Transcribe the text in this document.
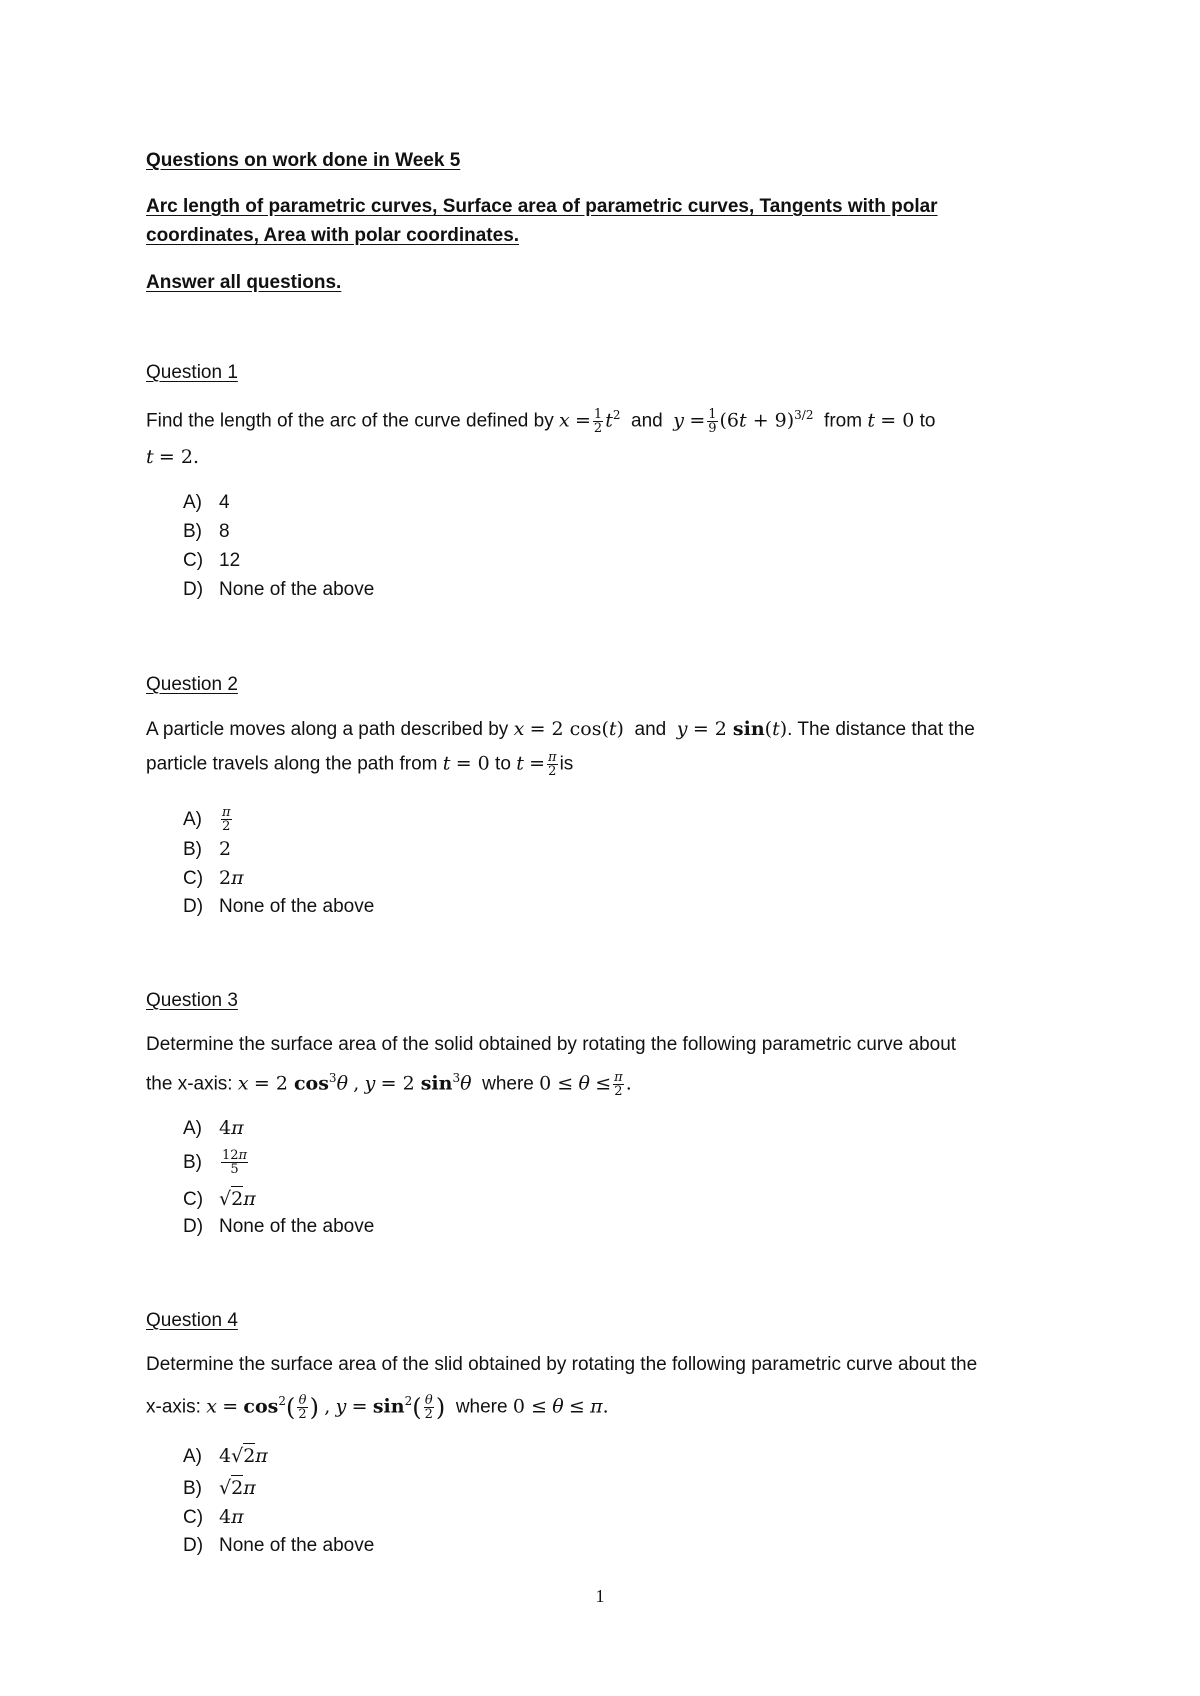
Questions on work done in Week 5
Arc length of parametric curves, Surface area of parametric curves, Tangents with polar
coordinates, Area with polar coordinates.
Answer all questions.
Question 1
Find the length of the arc of the curve defined by $x = \frac{1}{2} t^2$ and $y = \frac{1}{9} (6t + 9)^{3/2}$ from t = 0 to
t = 2.
A) 4
B) 8
C) 12
D) None of the above
Question 2
A particle moves along a path described by x = 2 cos(t) and y = 2 sin(t). The distance that the
particle travels along the path from t = 0 to $t = \frac{\pi}{2}$ is
$A) \frac{\pi}{2}$
B) 2
C) 2π
D) None of the above
Question 3
Determine the surface area of the solid obtained by rotating the following parametric curve about
the x-axis: x = 2 $\cos^3\theta$ , y = 2 $\sin^3\theta$ where $0 \le \theta \le \frac{\pi}{2}$ .
A) 4π
$B) \frac{12\pi}{5}$
C) √2π
D) None of the above
Question 4
Determine the surface area of the slid obtained by rotating the following parametric curve about the
x-axis: $x = \cos^2( \frac{\theta}{2}$ ) , $y = \sin^2( \frac{\theta}{2}$ ) where 0 ≤ θ ≤ π.
A) 4√2π
B) √2π
C) 4π
D) None of the above
1
